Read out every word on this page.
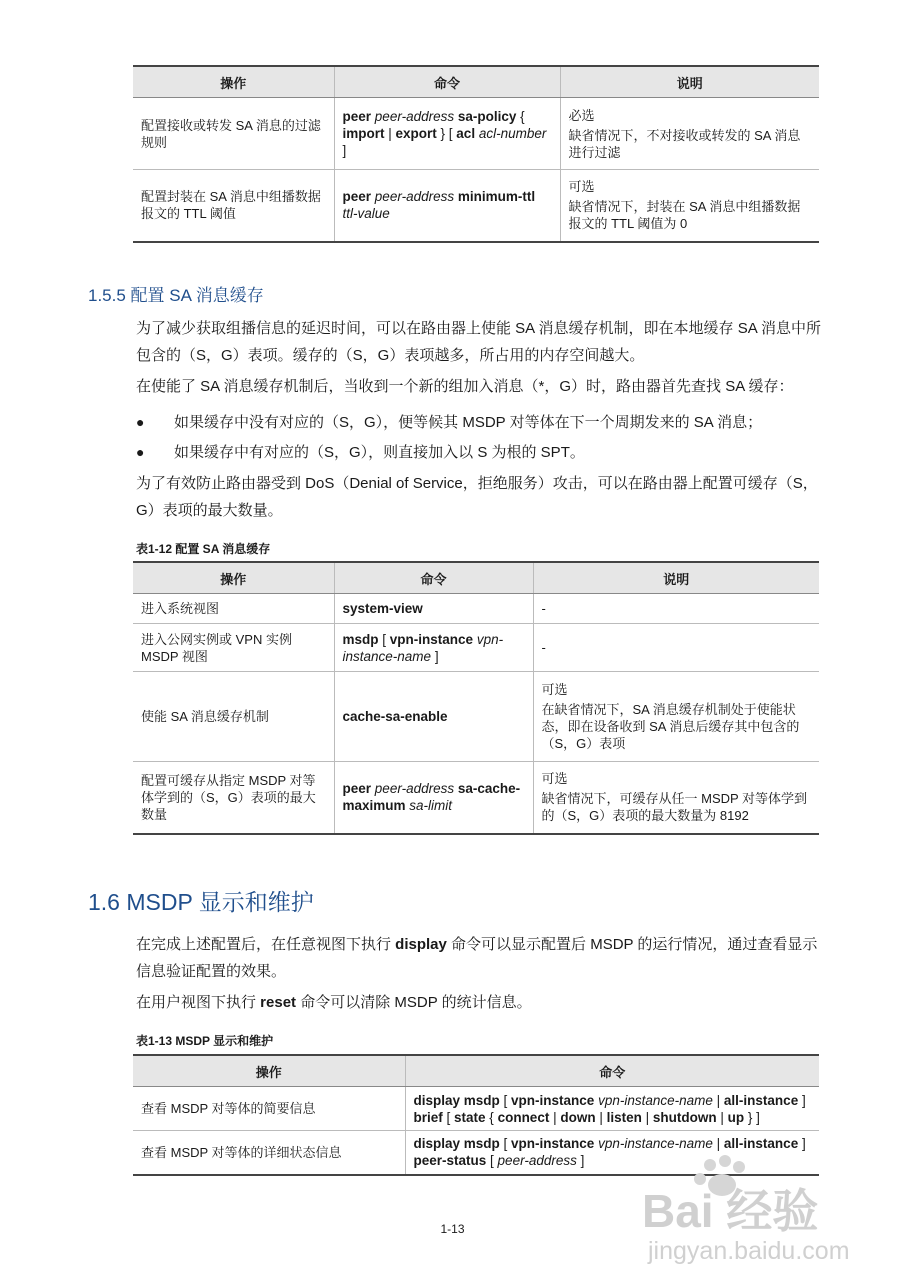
操作	命令	说明
配置接收或转发 SA 消息的过滤规则	peer peer-address sa-policy { import | export } [ acl acl-number ]	必选
缺省情况下，不对接收或转发的 SA 消息进行过滤

配置封装在 SA 消息中组播数据报文的 TTL 阈值	peer peer-address minimum-ttl ttl-value	可选
缺省情况下，封装在 SA 消息中组播数据报文的 TTL 阈值为 0
1.5.5 配置 SA 消息缓存
为了减少获取组播信息的延迟时间，可以在路由器上使能 SA 消息缓存机制，即在本地缓存 SA 消息中所包含的（S，G）表项。缓存的（S，G）表项越多，所占用的内存空间越大。
在使能了 SA 消息缓存机制后，当收到一个新的组加入消息（*，G）时，路由器首先查找 SA 缓存：
● 如果缓存中没有对应的（S，G），便等候其 MSDP 对等体在下一个周期发来的 SA 消息；
● 如果缓存中有对应的（S，G），则直接加入以 S 为根的 SPT。
为了有效防止路由器受到 DoS（Denial of Service，拒绝服务）攻击，可以在路由器上配置可缓存（S，G）表项的最大数量。
表1-12 配置 SA 消息缓存
操作	命令	说明
进入系统视图	system-view	-

进入公网实例或 VPN 实例 MSDP 视图	msdp [ vpn-instance vpn-instance-name ]	-

使能 SA 消息缓存机制	cache-sa-enable	可选
在缺省情况下，SA 消息缓存机制处于使能状态，即在设备收到 SA 消息后缓存其中包含的（S，G）表项

配置可缓存从指定 MSDP 对等体学到的（S，G）表项的最大数量	peer peer-address sa-cache-maximum sa-limit	可选
缺省情况下，可缓存从任一 MSDP 对等体学到的（S，G）表项的最大数量为 8192
1.6 MSDP 显示和维护
在完成上述配置后，在任意视图下执行 display 命令可以显示配置后 MSDP 的运行情况，通过查看显示信息验证配置的效果。
在用户视图下执行 reset 命令可以清除 MSDP 的统计信息。
表1-13 MSDP 显示和维护
操作	命令
查看 MSDP 对等体的简要信息	display msdp [ vpn-instance vpn-instance-name | all-instance ] brief [ state { connect | down | listen | shutdown | up } ]
查看 MSDP 对等体的详细状态信息	display msdp [ vpn-instance vpn-instance-name | all-instance ] peer-status [ peer-address ]
1-13	Bai 经验
jingyan.baidu.com
